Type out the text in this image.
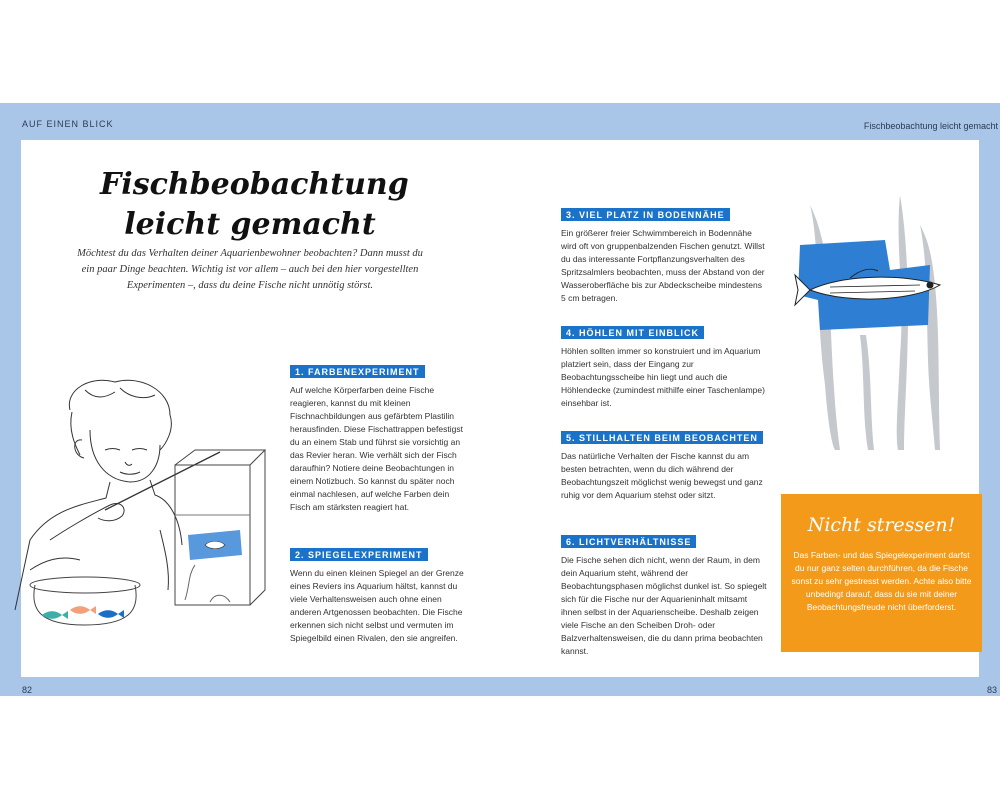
AUF EINEN BLICK	Fischbeobachtung leicht gemacht
Fischbeobachtung
leicht gemacht
Möchtest du das Verhalten deiner Aquarienbewohner beobachten? Dann musst du ein paar Dinge beachten. Wichtig ist vor allem – auch bei den hier vorgestellten Experimenten –, dass du deine Fische nicht unnötig störst.
1. FARBENEXPERIMENT
Auf welche Körperfarben deine Fische reagieren, kannst du mit kleinen Fischnachbildungen aus gefärbtem Plastilin herausfinden. Diese Fischattrappen befestigst du an einem Stab und führst sie vorsichtig an das Revier heran. Wie verhält sich der Fisch daraufhin? Notiere deine Beobachtungen in einem Notizbuch. So kannst du später noch einmal nachlesen, auf welche Farben dein Fisch am stärksten reagiert hat.
2. SPIEGELEXPERIMENT
Wenn du einen kleinen Spiegel an der Grenze eines Reviers ins Aquarium hältst, kannst du viele Verhaltensweisen auch ohne einen anderen Artgenossen beobachten. Die Fische erkennen sich nicht selbst und vermuten im Spiegelbild einen Rivalen, den sie angreifen.
3. VIEL PLATZ IN BODENNÄHE
Ein größerer freier Schwimmbereich in Bodennähe wird oft von gruppenbalzenden Fischen genutzt. Willst du das interessante Fortpflanzungsverhalten des Spritzsalmlers beobachten, muss der Abstand von der Wasseroberfläche bis zur Abdeckscheibe mindestens 5 cm betragen.
4. HÖHLEN MIT EINBLICK
Höhlen sollten immer so konstruiert und im Aquarium platziert sein, dass der Eingang zur Beobachtungsscheibe hin liegt und auch die Höhlendecke (zumindest mithilfe einer Taschenlampe) einsehbar ist.
5. STILLHALTEN BEIM BEOBACHTEN
Das natürliche Verhalten der Fische kannst du am besten betrachten, wenn du dich während der Beobachtungszeit möglichst wenig bewegst und ganz ruhig vor dem Aquarium stehst oder sitzt.
6. LICHTVERHÄLTNISSE
Die Fische sehen dich nicht, wenn der Raum, in dem dein Aquarium steht, während der Beobachtungsphasen möglichst dunkel ist. So spiegelt sich für die Fische nur der Aquarieninhalt mitsamt ihnen selbst in der Aquarienscheibe. Deshalb zeigen viele Fische an den Scheiben Droh- oder Balzverhaltensweisen, die du dann prima beobachten kannst.
Nicht stressen!
Das Farben- und das Spiegelexperiment darfst du nur ganz selten durchführen, da die Fische sonst zu sehr gestresst werden. Achte also bitte unbedingt darauf, dass du sie mit deiner Beobachtungsfreude nicht überforderst.
82	83
